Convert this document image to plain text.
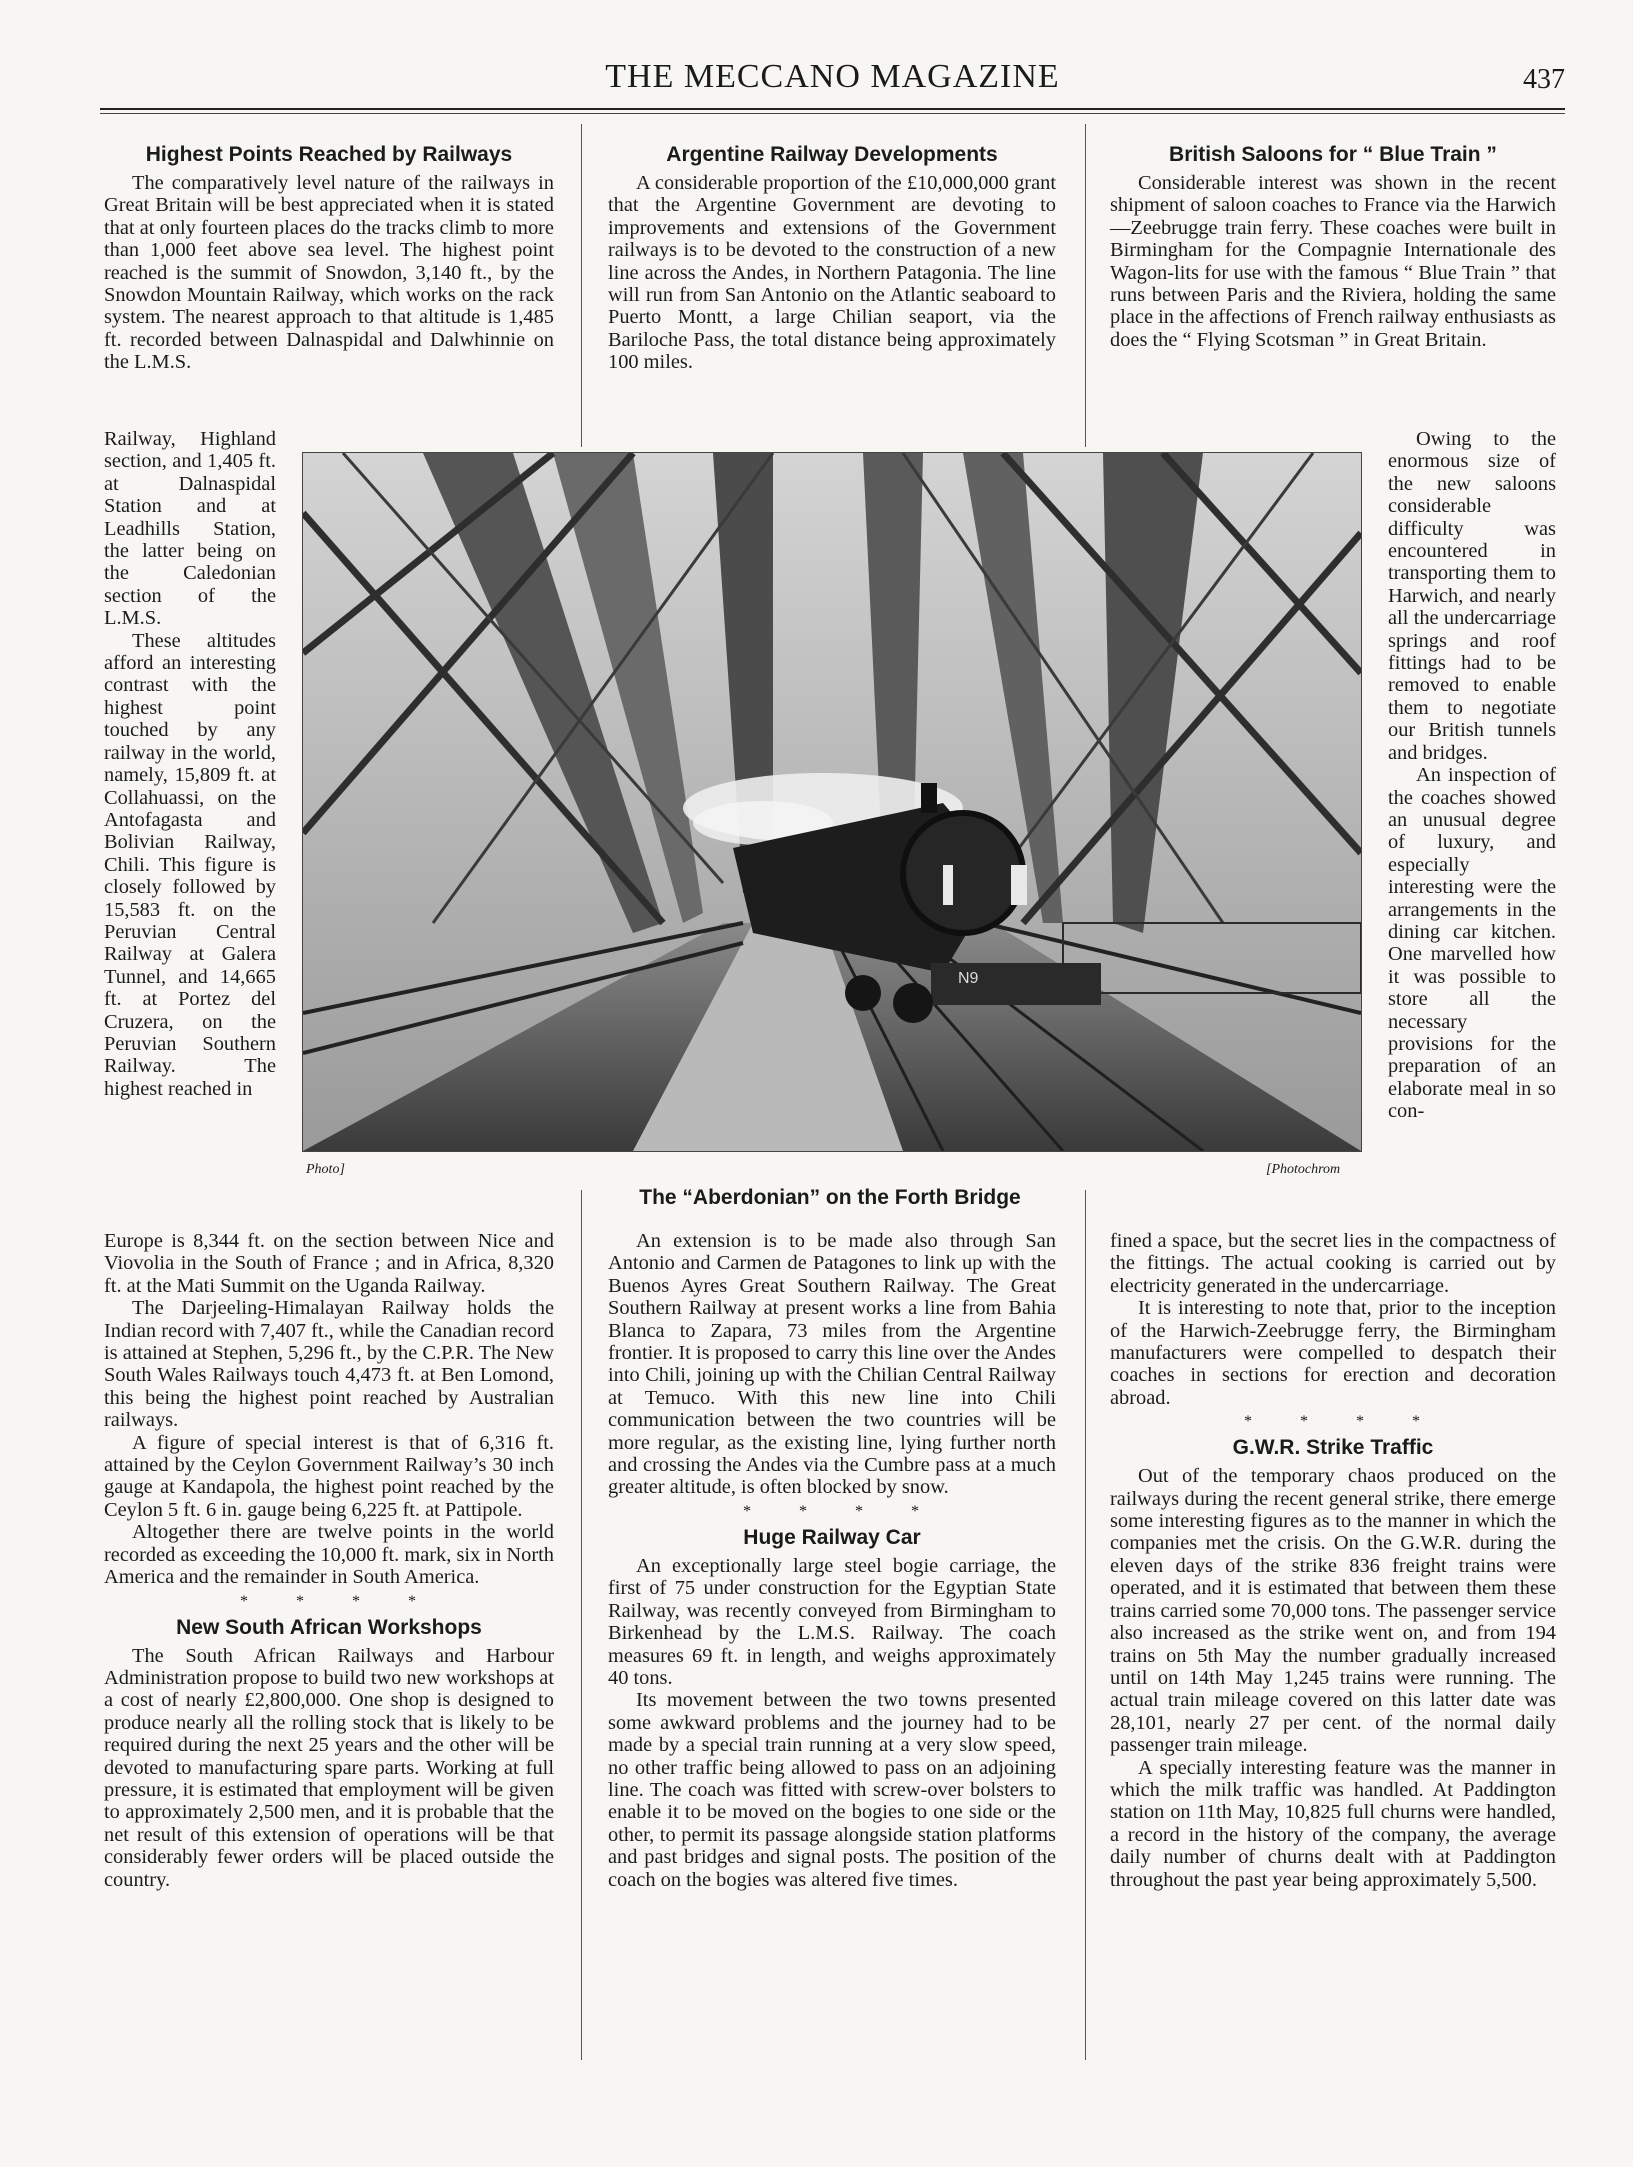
THE MECCANO MAGAZINE	437
Highest Points Reached by Railways

The comparatively level nature of the railways in Great Britain will be best appreciated when it is stated that at only fourteen places do the tracks climb to more than 1,000 feet above sea level. The highest point reached is the summit of Snowdon, 3,140 ft., by the Snowdon Mountain Railway, which works on the rack system. The nearest approach to that altitude is 1,485 ft. recorded between Dalnaspidal and Dalwhinnie on the L.M.S.

Railway, Highland section, and 1,405 ft. at Dalnaspidal Station and at Leadhills Station, the latter being on the Caledonian section of the L.M.S.

These altitudes afford an interesting contrast with the highest point touched by any railway in the world, namely, 15,809 ft. at Collahuassi, on the Antofagasta and Bolivian Railway, Chili. This figure is closely followed by 15,583 ft. on the Peruvian Central Railway at Galera Tunnel, and 14,665 ft. at Portez del Cruzera, on the Peruvian Southern Railway. The highest reached in

Europe is 8,344 ft. on the section between Nice and Viovolia in the South of France ; and in Africa, 8,320 ft. at the Mati Summit on the Uganda Railway.

The Darjeeling-Himalayan Railway holds the Indian record with 7,407 ft., while the Canadian record is attained at Stephen, 5,296 ft., by the C.P.R. The New South Wales Railways touch 4,473 ft. at Ben Lomond, this being the highest point reached by Australian railways.

A figure of special interest is that of 6,316 ft. attained by the Ceylon Government Railway’s 30 inch gauge at Kandapola, the highest point reached by the Ceylon 5 ft. 6 in. gauge being 6,225 ft. at Pattipole.

Altogether there are twelve points in the world recorded as exceeding the 10,000 ft. mark, six in North America and the remainder in South America.

* * * *
New South African Workshops

The South African Railways and Harbour Administration propose to build two new workshops at a cost of nearly £2,800,000. One shop is designed to produce nearly all the rolling stock that is likely to be required during the next 25 years and the other will be devoted to manufacturing spare parts. Working at full pressure, it is estimated that employment will be given to approximately 2,500 men, and it is probable that the net result of this extension of operations will be that considerably fewer orders will be placed outside the country.

Argentine Railway Developments

A considerable proportion of the £10,000,000 grant that the Argentine Government are devoting to improvements and extensions of the Government railways is to be devoted to the construction of a new line across the Andes, in Northern Patagonia. The line will run from San Antonio on the Atlantic seaboard to Puerto Montt, a large Chilian seaport, via the Bariloche Pass, the total distance being approximately 100 miles.

An extension is to be made also through San Antonio and Carmen de Patagones to link up with the Buenos Ayres Great Southern Railway. The Great Southern Railway at present works a line from Bahia Blanca to Zapara, 73 miles from the Argentine frontier. It is proposed to carry this line over the Andes into Chili, joining up with the Chilian Central Railway at Temuco. With this new line into Chili communication between the two countries will be more regular, as the existing line, lying further north and crossing the Andes via the Cumbre pass at a much greater altitude, is often blocked by snow.

* * * *
Huge Railway Car

An exceptionally large steel bogie carriage, the first of 75 under construction for the Egyptian State Railway, was recently conveyed from Birmingham to Birkenhead by the L.M.S. Railway. The coach measures 69 ft. in length, and weighs approximately 40 tons.

Its movement between the two towns presented some awkward problems and the journey had to be made by a special train running at a very slow speed, no other traffic being allowed to pass on an adjoining line. The coach was fitted with screw-over bolsters to enable it to be moved on the bogies to one side or the other, to permit its passage alongside station platforms and past bridges and signal posts. The position of the coach on the bogies was altered five times.

British Saloons for “ Blue Train ”

Considerable interest was shown in the recent shipment of saloon coaches to France via the Harwich—Zeebrugge train ferry. These coaches were built in Birmingham for the Compagnie Internationale des Wagon-lits for use with the famous “ Blue Train ” that runs between Paris and the Riviera, holding the same place in the affections of French railway enthusiasts as does the “ Flying Scotsman ” in Great Britain.

Owing to the enormous size of the new saloons considerable difficulty was encountered in transporting them to Harwich, and nearly all the undercarriage springs and roof fittings had to be removed to enable them to negotiate our British tunnels and bridges.

An inspection of the coaches showed an unusual degree of luxury, and especially interesting were the arrangements in the dining car kitchen. One marvelled how it was possible to store all the necessary provisions for the preparation of an elaborate meal in so con-

fined a space, but the secret lies in the compactness of the fittings. The actual cooking is carried out by electricity generated in the undercarriage.

It is interesting to note that, prior to the inception of the Harwich-Zeebrugge ferry, the Birmingham manufacturers were compelled to despatch their coaches in sections for erection and decoration abroad.

* * * *
G.W.R. Strike Traffic

Out of the temporary chaos produced on the railways during the recent general strike, there emerge some interesting figures as to the manner in which the companies met the crisis. On the G.W.R. during the eleven days of the strike 836 freight trains were operated, and it is estimated that between them these trains carried some 70,000 tons. The passenger service also increased as the strike went on, and from 194 trains on 5th May the number gradually increased until on 14th May 1,245 trains were running. The actual train mileage covered on this latter date was 28,101, nearly 27 per cent. of the normal daily passenger train mileage.

A specially interesting feature was the manner in which the milk traffic was handled. At Paddington station on 11th May, 10,825 full churns were handled, a record in the history of the company, the average daily number of churns dealt with at Paddington throughout the past year being approximately 5,500.

N9
Photo]	[Photochrom
The “Aberdonian” on the Forth Bridge
